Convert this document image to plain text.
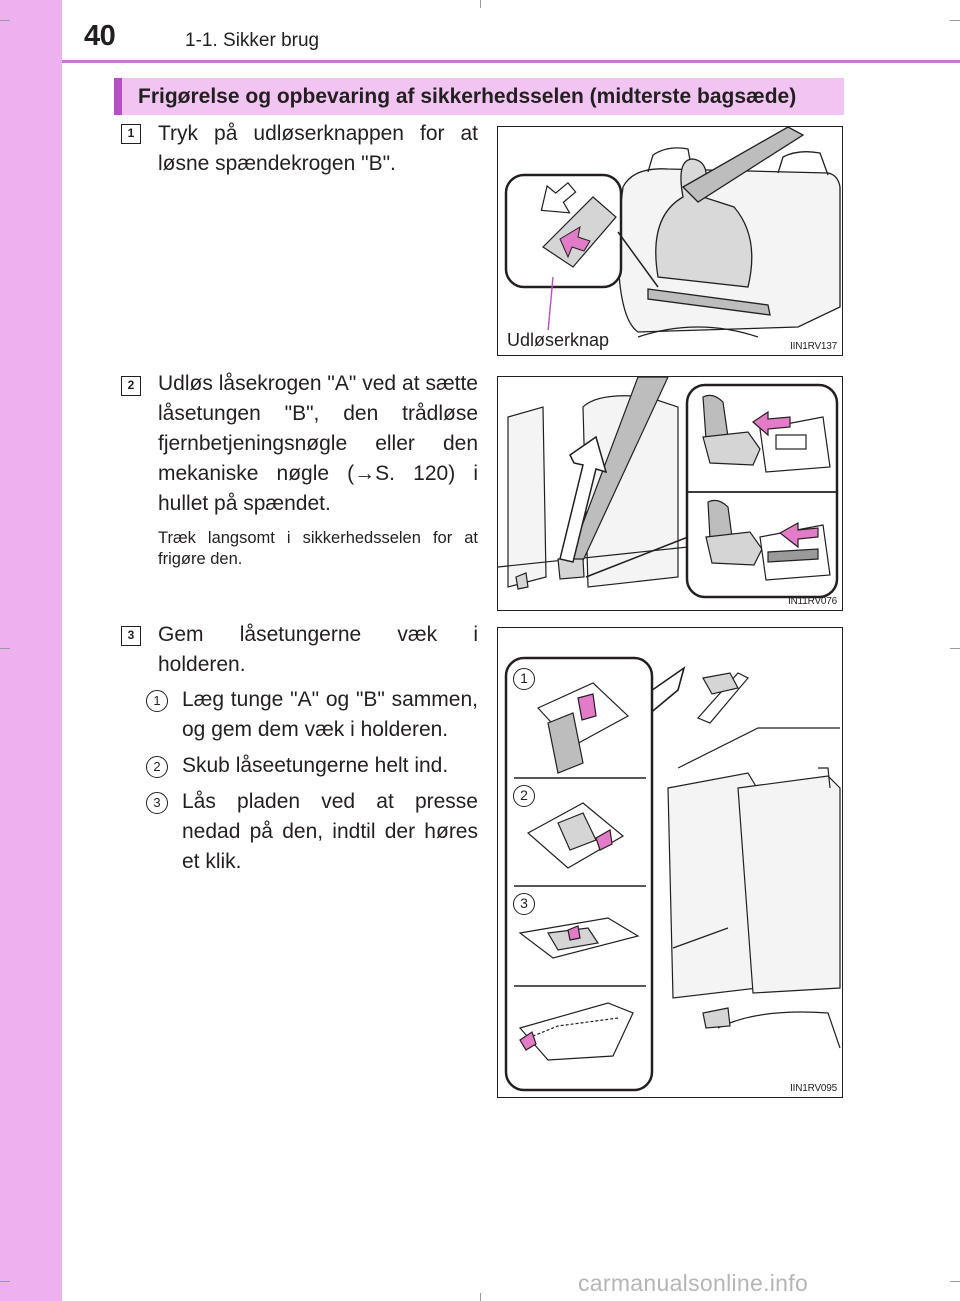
40	1-1. Sikker brug
Frigørelse og opbevaring af sikkerhedsselen (midterste bagsæde)
1	Tryk på udløserknappen for at løsne spændekrogen "B".
Udløserknap	IIN1RV137
2	Udløs låsekrogen "A" ved at sætte låsetungen "B", den trådløse fjernbetjeningsnøgle eller den mekaniske nøgle (→S. 120) i hullet på spændet.
Træk langsomt i sikkerhedsselen for at frigøre den.
IN11RV076
3	Gem låsetungerne væk i holderen.
1	Læg tunge "A" og "B" sammen, og gem dem væk i holderen.
2	Skub låseetungerne helt ind.
3	Lås pladen ved at presse nedad på den, indtil der høres et klik.
1
2
3
IIN1RV095
carmanualsonline.info
